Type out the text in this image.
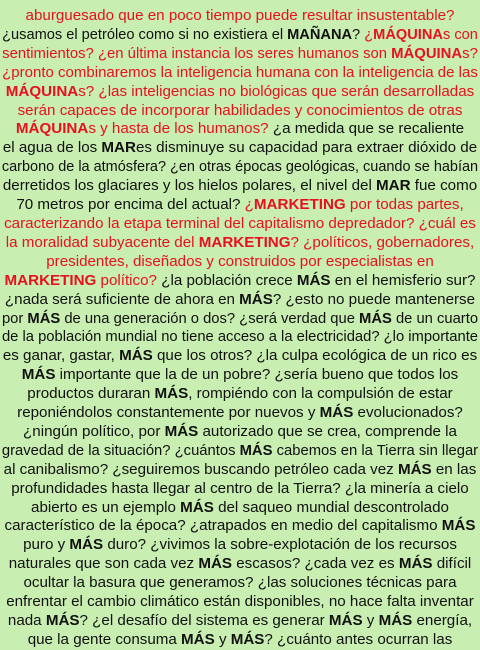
aburguesado que en poco tiempo puede resultar insustentable?
¿usamos el petróleo como si no existiera el MAÑANA? ¿MÁQUINAs con
sentimientos? ¿en última instancia los seres humanos son MÁQUINAs?
¿pronto combinaremos la inteligencia humana con la inteligencia de las
MÁQUINAs? ¿las inteligencias no biológicas que serán desarrolladas
serán capaces de incorporar habilidades y conocimientos de otras
MÁQUINAs y hasta de los humanos? ¿a medida que se recaliente
el agua de los MARes disminuye su capacidad para extraer dióxido de
carbono de la atmósfera? ¿en otras épocas geológicas, cuando se habían
derretidos los glaciares y los hielos polares, el nivel del MAR fue como
70 metros por encima del actual? ¿MARKETING por todas partes,
caracterizando la etapa terminal del capitalismo depredador? ¿cuál es
la moralidad subyacente del MARKETING? ¿políticos, gobernadores,
presidentes, diseñados y construidos por especialistas en
MARKETING político? ¿la población crece MÁS en el hemisferio sur?
¿nada será suficiente de ahora en MÁS? ¿esto no puede mantenerse
por MÁS de una generación o dos? ¿será verdad que MÁS de un cuarto
de la población mundial no tiene acceso a la electricidad? ¿lo importante
es ganar, gastar, MÁS que los otros? ¿la culpa ecológica de un rico es
MÁS importante que la de un pobre? ¿sería bueno que todos los
productos duraran MÁS, rompiéndo con la compulsión de estar
reponiéndolos constantemente por nuevos y MÁS evolucionados?
¿ningún político, por MÁS autorizado que se crea, comprende la
gravedad de la situación? ¿cuántos MÁS cabemos en la Tierra sin llegar
al canibalismo? ¿seguiremos buscando petróleo cada vez MÁS en las
profundidades hasta llegar al centro de la Tierra? ¿la minería a cielo
abierto es un ejemplo MÁS del saqueo mundial descontrolado
característico de la época? ¿atrapados en medio del capitalismo MÁS
puro y MÁS duro? ¿vivimos la sobre-explotación de los recursos
naturales que son cada vez MÁS escasos? ¿cada vez es MÁS difícil
ocultar la basura que generamos? ¿las soluciones técnicas para
enfrentar el cambio climático están disponibles, no hace falta inventar
nada MÁS? ¿el desafío del sistema es generar MÁS y MÁS energía,
que la gente consuma MÁS y MÁS? ¿cuánto antes ocurran las
